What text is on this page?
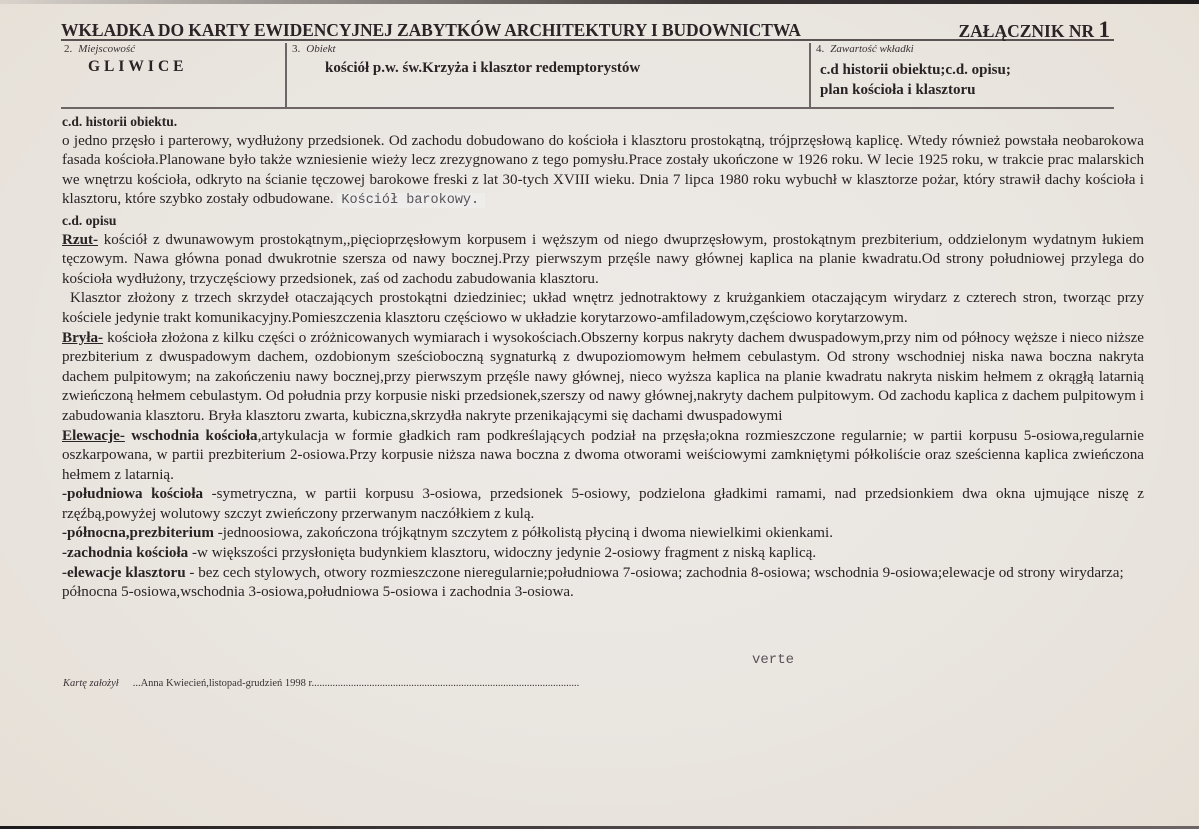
WKŁADKA DO KARTY EWIDENCYJNEJ ZABYTKÓW ARCHITEKTURY I BUDOWNICTWA	ZAŁĄCZNIK NR 1
2. Miejscowość
GLIWICE
3. Obiekt
kościół p.w. św.Krzyża i klasztor redemptorystów
4. Zawartość wkładki
c.d historii obiektu;c.d. opisu;
plan kościoła i klasztoru
c.d. historii obiektu.

o jedno przęsło i parterowy, wydłużony przedsionek. Od zachodu dobudowano do kościoła i klasztoru prostokątną, trójprzęsłową kaplicę. Wtedy również powstała neobarokowa fasada kościoła.Planowane było także wzniesienie wieży lecz zrezygnowano z tego pomysłu.Prace zostały ukończone w 1926 roku. W lecie 1925 roku, w trakcie prac malarskich we wnętrzu kościoła, odkryto na ścianie tęczowej barokowe freski z lat 30-tych XVIII wieku. Dnia 7 lipca 1980 roku wybuchł w klasztorze pożar, który strawił dachy kościoła i klasztoru, które szybko zostały odbudowane. Kościół barokowy.

c.d. opisu

Rzut- kościół z dwunawowym prostokątnym,,pięcioprzęsłowym korpusem i węższym od niego dwuprzęsłowym, prostokątnym prezbiterium, oddzielonym wydatnym łukiem tęczowym. Nawa główna ponad dwukrotnie szersza od nawy bocznej.Przy pierwszym przęśle nawy głównej kaplica na planie kwadratu.Od strony południowej przylega do kościoła wydłużony, trzyczęściowy przedsionek, zaś od zachodu zabudowania klasztoru.

Klasztor złożony z trzech skrzydeł otaczających prostokątni dziedziniec; układ wnętrz jednotraktowy z krużgankiem otaczającym wirydarz z czterech stron, tworząc przy kościele jedynie trakt komunikacyjny.Pomieszczenia klasztoru częściowo w układzie korytarzowo-amfiladowym,częściowo korytarzowym.

Bryła- kościoła złożona z kilku części o zróżnicowanych wymiarach i wysokościach.Obszerny korpus nakryty dachem dwuspadowym,przy nim od północy węższe i nieco niższe prezbiterium z dwuspadowym dachem, ozdobionym sześcioboczną sygnaturką z dwupoziomowym hełmem cebulastym. Od strony wschodniej niska nawa boczna nakryta dachem pulpitowym; na zakończeniu nawy bocznej,przy pierwszym przęśle nawy głównej, nieco wyższa kaplica na planie kwadratu nakryta niskim hełmem z okrągłą latarnią zwieńczoną hełmem cebulastym. Od południa przy korpusie niski przedsionek,szerszy od nawy głównej,nakryty dachem pulpitowym. Od zachodu kaplica z dachem pulpitowym i zabudowania klasztoru. Bryła klasztoru zwarta, kubiczna,skrzydła nakryte przenikającymi się dachami dwuspadowymi

Elewacje- wschodnia kościoła,artykulacja w formie gładkich ram podkreślających podział na przęsła;okna rozmieszczone regularnie; w partii korpusu 5-osiowa,regularnie oszkarpowana, w partii prezbiterium 2-osiowa.Przy korpusie niższa nawa boczna z dwoma otworami weiściowymi zamkniętymi półkoliście oraz sześcienna kaplica zwieńczona hełmem z latarnią.

-południowa kościoła -symetryczna, w partii korpusu 3-osiowa, przedsionek 5-osiowy, podzielona gładkimi ramami, nad przedsionkiem dwa okna ujmujące niszę z rzęźbą,powyżej wolutowy szczyt zwieńczony przerwanym naczółkiem z kulą.

-północna,prezbiterium -jednoosiowa, zakończona trójkątnym szczytem z półkolistą płyciną i dwoma niewielkimi okienkami.

-zachodnia kościoła -w większości przysłonięta budynkiem klasztoru, widoczny jedynie 2-osiowy fragment z niską kaplicą.

-elewacje klasztoru - bez cech stylowych, otwory rozmieszczone nieregularnie;południowa 7-osiowa; zachodnia 8-osiowa; wschodnia 9-osiowa;elewacje od strony wirydarza; północna 5-osiowa,wschodnia 3-osiowa,południowa 5-osiowa i zachodnia 3-osiowa.

verte
Kartę założył ...Anna Kwiecień,listopad-grudzień 1998 r......................................................................................................
